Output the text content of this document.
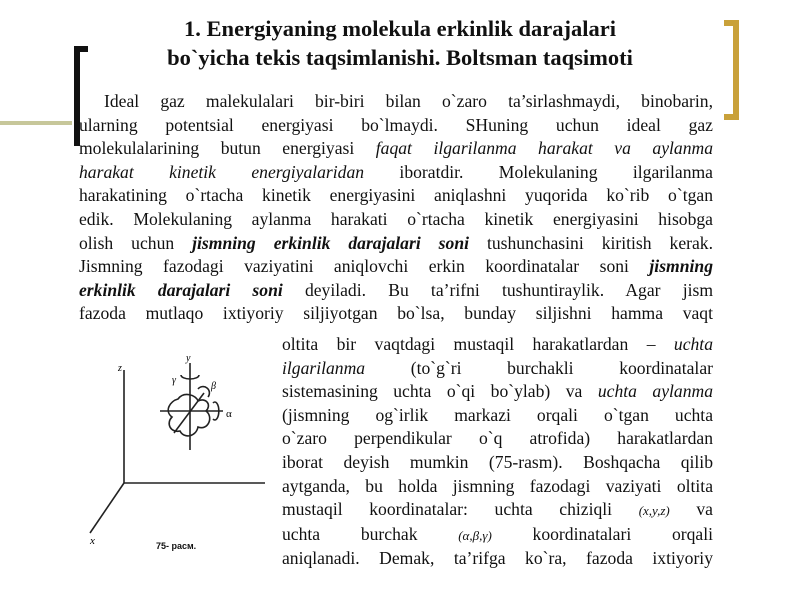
1. Energiyaning molekula erkinlik darajalari
bo`yicha tekis taqsimlanishi. Boltsman taqsimoti
Ideal gaz malekulalari bir-biri bilan o`zaro ta’sirlashmaydi, binobarin,
ularning potentsial energiyasi bo`lmaydi. SHuning uchun ideal gaz
molekulalarining butun energiyasi faqat ilgarilanma harakat va aylanma
harakat kinetik energiyalaridan iboratdir. Molekulaning ilgarilanma
harakatining o`rtacha kinetik energiyasini aniqlashni yuqorida ko`rib o`tgan
edik. Molekulaning aylanma harakati o`rtacha kinetik energiyasini hisobga
olish uchun jismning erkinlik darajalari soni tushunchasini kiritish kerak.
Jismning fazodagi vaziyatini aniqlovchi erkin koordinatalar soni jismning
erkinlik darajalari soni deyiladi. Bu ta’rifni tushuntiraylik. Agar jism
fazoda mutlaqo ixtiyoriy siljiyotgan bo`lsa, bunday siljishni hamma vaqt
oltita bir vaqtdagi mustaqil harakatlardan – uchta
ilgarilanma (to`g`ri burchakli koordinatalar
sistemasining uchta o`qi bo`ylab) va uchta aylanma
(jismning og`irlik markazi orqali o`tgan uchta
o`zaro perpendikular o`q atrofida) harakatlardan
iborat deyish mumkin (75-rasm). Boshqacha qilib
aytganda, bu holda jismning fazodagi vaziyati oltita
mustaqil koordinatalar: uchta chiziqli (x,y,z) va
uchta burchak (α,β,γ) koordinatalari orqali
aniqlanadi. Demak, ta’rifga ko`ra, fazoda ixtiyoriy
z
y
x
α
β
γ
75- расм.
